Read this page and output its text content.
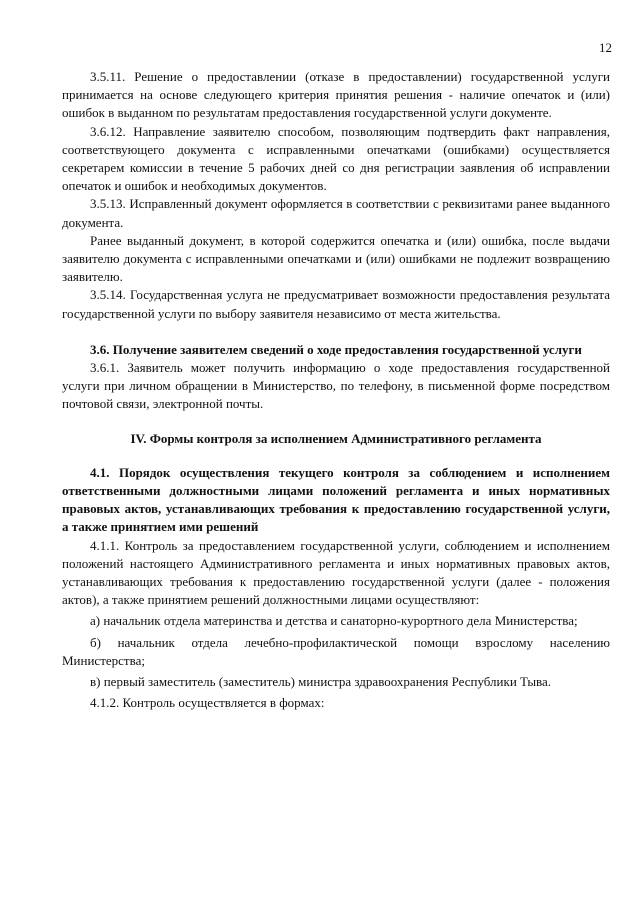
12

3.5.11. Решение о предоставлении (отказе в предоставлении) государственной услуги принимается на основе следующего критерия принятия решения - наличие опечаток и (или) ошибок в выданном по результатам предоставления государственной услуги документе.

3.6.12. Направление заявителю способом, позволяющим подтвердить факт направления, соответствующего документа с исправленными опечатками (ошибками) осуществляется секретарем комиссии в течение 5 рабочих дней со дня регистрации заявления об исправлении опечаток и ошибок и необходимых документов.

3.5.13. Исправленный документ оформляется в соответствии с реквизитами ранее выданного документа.

Ранее выданный документ, в которой содержится опечатка и (или) ошибка, после выдачи заявителю документа с исправленными опечатками и (или) ошибками не подлежит возвращению заявителю.

3.5.14. Государственная услуга не предусматривает возможности предоставления результата государственной услуги по выбору заявителя независимо от места жительства.

3.6. Получение заявителем сведений о ходе предоставления государственной услуги

3.6.1. Заявитель может получить информацию о ходе предоставления государственной услуги при личном обращении в Министерство, по телефону, в письменной форме посредством почтовой связи, электронной почты.

IV. Формы контроля за исполнением Административного регламента

4.1. Порядок осуществления текущего контроля за соблюдением и исполнением ответственными должностными лицами положений регламента и иных нормативных правовых актов, устанавливающих требования к предоставлению государственной услуги, а также принятием ими решений

4.1.1. Контроль за предоставлением государственной услуги, соблюдением и исполнением положений настоящего Административного регламента и иных нормативных правовых актов, устанавливающих требования к предоставлению государственной услуги (далее - положения актов), а также принятием решений должностными лицами осуществляют:

а) начальник отдела материнства и детства и санаторно-курортного дела Министерства;

б) начальник отдела лечебно-профилактической помощи взрослому населению Министерства;

в) первый заместитель (заместитель) министра здравоохранения Республики Тыва.

4.1.2. Контроль осуществляется в формах:
